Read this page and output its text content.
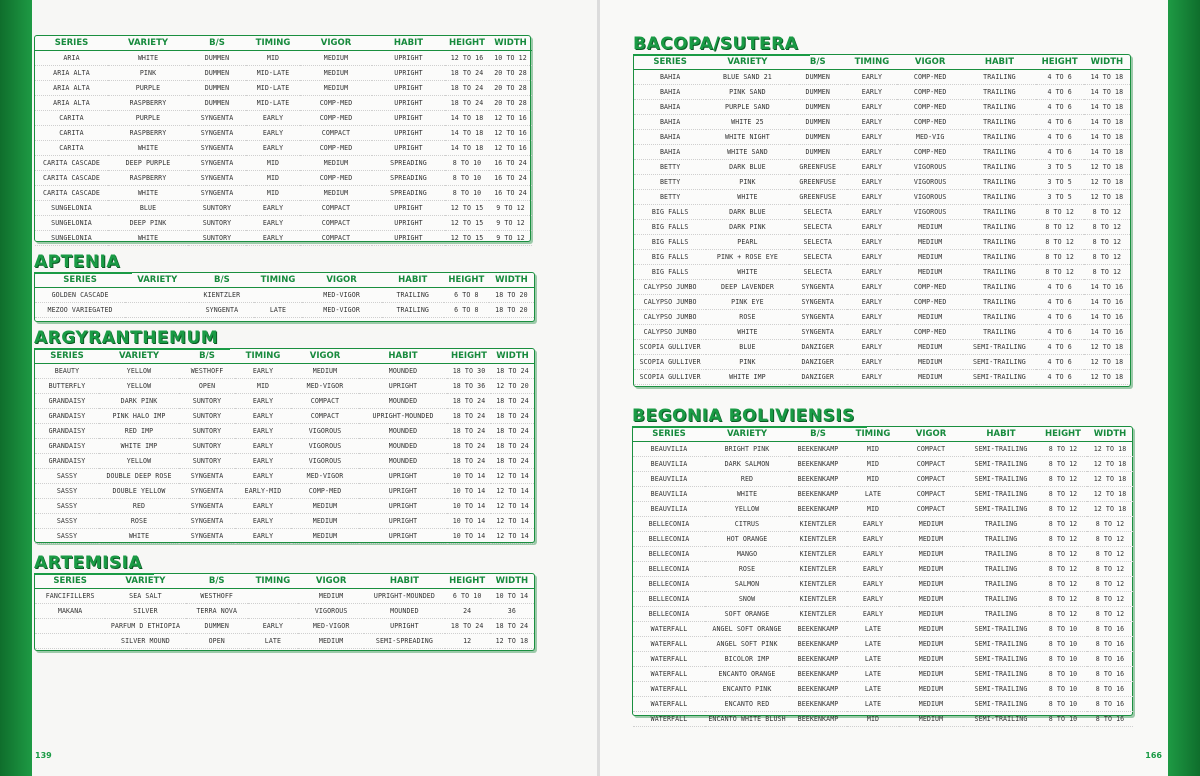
SERIES	VARIETY	B/S	TIMING	VIGOR	HABIT	HEIGHT	WIDTH
ARIA	WHITE	DUMMEN	MID	MEDIUM	UPRIGHT	12 TO 16	10 TO 12
ARIA ALTA	PINK	DUMMEN	MID-LATE	MEDIUM	UPRIGHT	18 TO 24	20 TO 28
ARIA ALTA	PURPLE	DUMMEN	MID-LATE	MEDIUM	UPRIGHT	18 TO 24	20 TO 28
ARIA ALTA	RASPBERRY	DUMMEN	MID-LATE	COMP-MED	UPRIGHT	18 TO 24	20 TO 28
CARITA	PURPLE	SYNGENTA	EARLY	COMP-MED	UPRIGHT	14 TO 18	12 TO 16
CARITA	RASPBERRY	SYNGENTA	EARLY	COMPACT	UPRIGHT	14 TO 18	12 TO 16
CARITA	WHITE	SYNGENTA	EARLY	COMP-MED	UPRIGHT	14 TO 18	12 TO 16
CARITA CASCADE	DEEP PURPLE	SYNGENTA	MID	MEDIUM	SPREADING	8 TO 10	16 TO 24
CARITA CASCADE	RASPBERRY	SYNGENTA	MID	COMP-MED	SPREADING	8 TO 10	16 TO 24
CARITA CASCADE	WHITE	SYNGENTA	MID	MEDIUM	SPREADING	8 TO 10	16 TO 24
SUNGELONIA	BLUE	SUNTORY	EARLY	COMPACT	UPRIGHT	12 TO 15	9 TO 12
SUNGELONIA	DEEP PINK	SUNTORY	EARLY	COMPACT	UPRIGHT	12 TO 15	9 TO 12
SUNGELONIA	WHITE	SUNTORY	EARLY	COMPACT	UPRIGHT	12 TO 15	9 TO 12
SERIES	VARIETY	B/S	TIMING	VIGOR	HABIT	HEIGHT	WIDTH
GOLDEN CASCADE		KIENTZLER		MED-VIGOR	TRAILING	6 TO 8	18 TO 20
MEZOO VARIEGATED		SYNGENTA	LATE	MED-VIGOR	TRAILING	6 TO 8	18 TO 20
APTENIA
SERIES	VARIETY	B/S	TIMING	VIGOR	HABIT	HEIGHT	WIDTH
BEAUTY	YELLOW	WESTHOFF	EARLY	MEDIUM	MOUNDED	18 TO 30	18 TO 24
BUTTERFLY	YELLOW	OPEN	MID	MED-VIGOR	UPRIGHT	18 TO 36	12 TO 20
GRANDAISY	DARK PINK	SUNTORY	EARLY	COMPACT	MOUNDED	18 TO 24	18 TO 24
GRANDAISY	PINK HALO IMP	SUNTORY	EARLY	COMPACT	UPRIGHT-MOUNDED	18 TO 24	18 TO 24
GRANDAISY	RED IMP	SUNTORY	EARLY	VIGOROUS	MOUNDED	18 TO 24	18 TO 24
GRANDAISY	WHITE IMP	SUNTORY	EARLY	VIGOROUS	MOUNDED	18 TO 24	18 TO 24
GRANDAISY	YELLOW	SUNTORY	EARLY	VIGOROUS	MOUNDED	18 TO 24	18 TO 24
SASSY	DOUBLE DEEP ROSE	SYNGENTA	EARLY	MED-VIGOR	UPRIGHT	10 TO 14	12 TO 14
SASSY	DOUBLE YELLOW	SYNGENTA	EARLY-MID	COMP-MED	UPRIGHT	10 TO 14	12 TO 14
SASSY	RED	SYNGENTA	EARLY	MEDIUM	UPRIGHT	10 TO 14	12 TO 14
SASSY	ROSE	SYNGENTA	EARLY	MEDIUM	UPRIGHT	10 TO 14	12 TO 14
SASSY	WHITE	SYNGENTA	EARLY	MEDIUM	UPRIGHT	10 TO 14	12 TO 14
ARGYRANTHEMUM
SERIES	VARIETY	B/S	TIMING	VIGOR	HABIT	HEIGHT	WIDTH
FANCIFILLERS	SEA SALT	WESTHOFF		MEDIUM	UPRIGHT-MOUNDED	6 TO 10	10 TO 14
MAKANA	SILVER	TERRA NOVA		VIGOROUS	MOUNDED	24	36
	PARFUM D ETHIOPIA	DUMMEN	EARLY	MED-VIGOR	UPRIGHT	18 TO 24	18 TO 24
	SILVER MOUND	OPEN	LATE	MEDIUM	SEMI-SPREADING	12	12 TO 18
ARTEMISIA
139
SERIES	VARIETY	B/S	TIMING	VIGOR	HABIT	HEIGHT	WIDTH
BAHIA	BLUE SAND 21	DUMMEN	EARLY	COMP-MED	TRAILING	4 TO 6	14 TO 18
BAHIA	PINK SAND	DUMMEN	EARLY	COMP-MED	TRAILING	4 TO 6	14 TO 18
BAHIA	PURPLE SAND	DUMMEN	EARLY	COMP-MED	TRAILING	4 TO 6	14 TO 18
BAHIA	WHITE 25	DUMMEN	EARLY	COMP-MED	TRAILING	4 TO 6	14 TO 18
BAHIA	WHITE NIGHT	DUMMEN	EARLY	MED-VIG	TRAILING	4 TO 6	14 TO 18
BAHIA	WHITE SAND	DUMMEN	EARLY	COMP-MED	TRAILING	4 TO 6	14 TO 18
BETTY	DARK BLUE	GREENFUSE	EARLY	VIGOROUS	TRAILING	3 TO 5	12 TO 18
BETTY	PINK	GREENFUSE	EARLY	VIGOROUS	TRAILING	3 TO 5	12 TO 18
BETTY	WHITE	GREENFUSE	EARLY	VIGOROUS	TRAILING	3 TO 5	12 TO 18
BIG FALLS	DARK BLUE	SELECTA	EARLY	VIGOROUS	TRAILING	8 TO 12	8 TO 12
BIG FALLS	DARK PINK	SELECTA	EARLY	MEDIUM	TRAILING	8 TO 12	8 TO 12
BIG FALLS	PEARL	SELECTA	EARLY	MEDIUM	TRAILING	8 TO 12	8 TO 12
BIG FALLS	PINK + ROSE EYE	SELECTA	EARLY	MEDIUM	TRAILING	8 TO 12	8 TO 12
BIG FALLS	WHITE	SELECTA	EARLY	MEDIUM	TRAILING	8 TO 12	8 TO 12
CALYPSO JUMBO	DEEP LAVENDER	SYNGENTA	EARLY	COMP-MED	TRAILING	4 TO 6	14 TO 16
CALYPSO JUMBO	PINK EYE	SYNGENTA	EARLY	COMP-MED	TRAILING	4 TO 6	14 TO 16
CALYPSO JUMBO	ROSE	SYNGENTA	EARLY	MEDIUM	TRAILING	4 TO 6	14 TO 16
CALYPSO JUMBO	WHITE	SYNGENTA	EARLY	COMP-MED	TRAILING	4 TO 6	14 TO 16
SCOPIA GULLIVER	BLUE	DANZIGER	EARLY	MEDIUM	SEMI-TRAILING	4 TO 6	12 TO 18
SCOPIA GULLIVER	PINK	DANZIGER	EARLY	MEDIUM	SEMI-TRAILING	4 TO 6	12 TO 18
SCOPIA GULLIVER	WHITE IMP	DANZIGER	EARLY	MEDIUM	SEMI-TRAILING	4 TO 6	12 TO 18
BACOPA/SUTERA
SERIES	VARIETY	B/S	TIMING	VIGOR	HABIT	HEIGHT	WIDTH
BEAUVILIA	BRIGHT PINK	BEEKENKAMP	MID	COMPACT	SEMI-TRAILING	8 TO 12	12 TO 18
BEAUVILIA	DARK SALMON	BEEKENKAMP	MID	COMPACT	SEMI-TRAILING	8 TO 12	12 TO 18
BEAUVILIA	RED	BEEKENKAMP	MID	COMPACT	SEMI-TRAILING	8 TO 12	12 TO 18
BEAUVILIA	WHITE	BEEKENKAMP	LATE	COMPACT	SEMI-TRAILING	8 TO 12	12 TO 18
BEAUVILIA	YELLOW	BEEKENKAMP	MID	COMPACT	SEMI-TRAILING	8 TO 12	12 TO 18
BELLECONIA	CITRUS	KIENTZLER	EARLY	MEDIUM	TRAILING	8 TO 12	8 TO 12
BELLECONIA	HOT ORANGE	KIENTZLER	EARLY	MEDIUM	TRAILING	8 TO 12	8 TO 12
BELLECONIA	MANGO	KIENTZLER	EARLY	MEDIUM	TRAILING	8 TO 12	8 TO 12
BELLECONIA	ROSE	KIENTZLER	EARLY	MEDIUM	TRAILING	8 TO 12	8 TO 12
BELLECONIA	SALMON	KIENTZLER	EARLY	MEDIUM	TRAILING	8 TO 12	8 TO 12
BELLECONIA	SNOW	KIENTZLER	EARLY	MEDIUM	TRAILING	8 TO 12	8 TO 12
BELLECONIA	SOFT ORANGE	KIENTZLER	EARLY	MEDIUM	TRAILING	8 TO 12	8 TO 12
WATERFALL	ANGEL SOFT ORANGE	BEEKENKAMP	LATE	MEDIUM	SEMI-TRAILING	8 TO 10	8 TO 16
WATERFALL	ANGEL SOFT PINK	BEEKENKAMP	LATE	MEDIUM	SEMI-TRAILING	8 TO 10	8 TO 16
WATERFALL	BICOLOR IMP	BEEKENKAMP	LATE	MEDIUM	SEMI-TRAILING	8 TO 10	8 TO 16
WATERFALL	ENCANTO ORANGE	BEEKENKAMP	LATE	MEDIUM	SEMI-TRAILING	8 TO 10	8 TO 16
WATERFALL	ENCANTO PINK	BEEKENKAMP	LATE	MEDIUM	SEMI-TRAILING	8 TO 10	8 TO 16
WATERFALL	ENCANTO RED	BEEKENKAMP	LATE	MEDIUM	SEMI-TRAILING	8 TO 10	8 TO 16
WATERFALL	ENCANTO WHITE BLUSH	BEEKENKAMP	MID	MEDIUM	SEMI-TRAILING	8 TO 10	8 TO 16
BEGONIA BOLIVIENSIS
166
